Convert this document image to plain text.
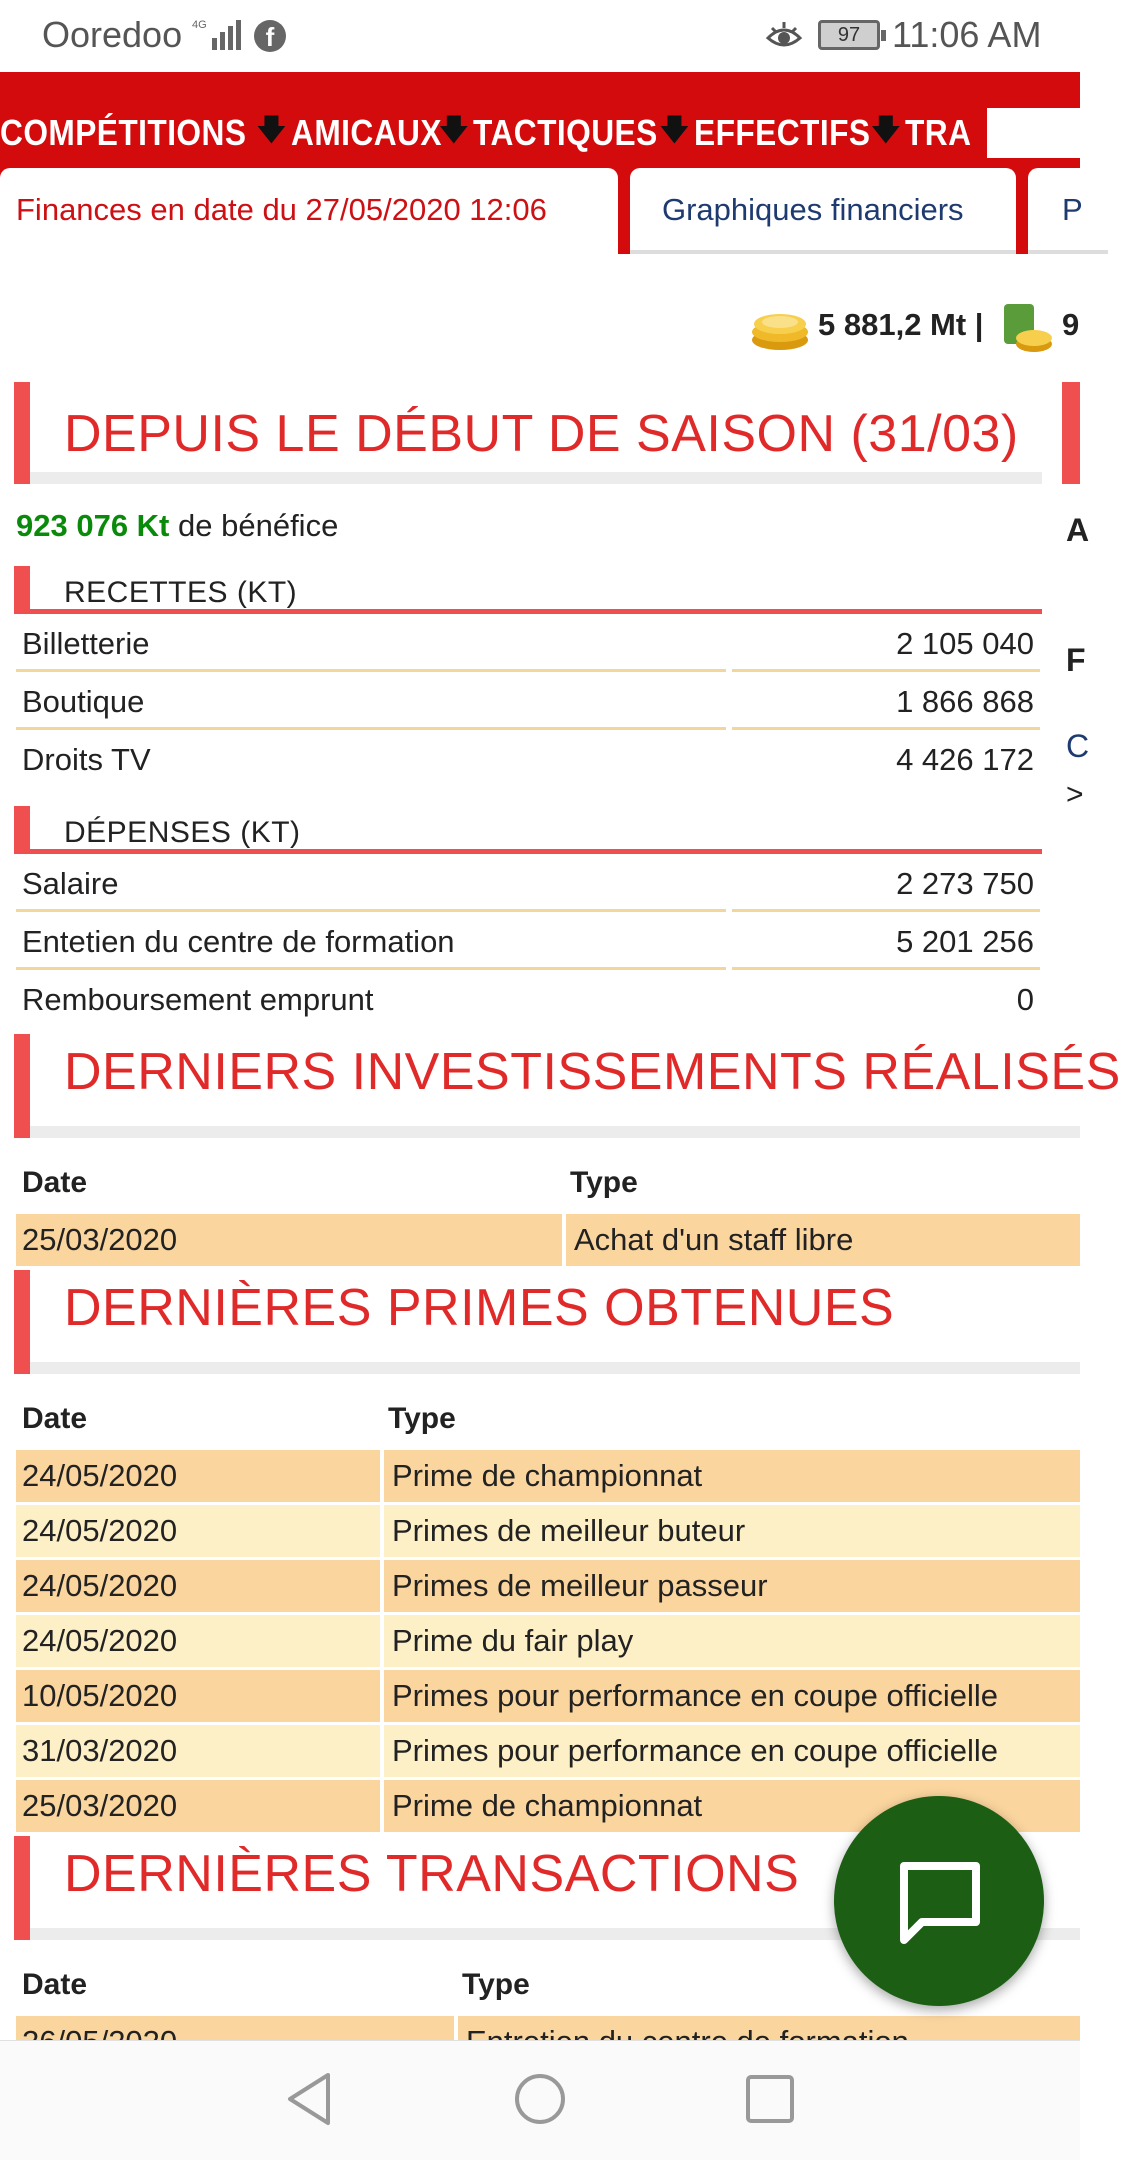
Ooredoo 4G	f	97 11:06 AM
COMPÉTITIONS 🡇 AMICAUX
🡇 TACTIQUES 🡇 EFFECTIFS 🡇 TRA
Finances en date du 27/05/2020 12:06	Graphiques financiers	P
5 881,2 Mt |	9
A
F
C
>
DEPUIS LE DÉBUT DE SAISON (31/03)
923 076 Kt de bénéfice
RECETTES (KT)
Billetterie	2 105 040
Boutique	1 866 868
Droits TV	4 426 172
DÉPENSES (KT)
Salaire	2 273 750
Entetien du centre de formation	5 201 256
Remboursement emprunt	0
DERNIERS INVESTISSEMENTS RÉALISÉS
Date	Type
25/03/2020	Achat d'un staff libre
DERNIÈRES PRIMES OBTENUES
Date	Type
24/05/2020	Prime de championnat
24/05/2020	Primes de meilleur buteur
24/05/2020	Primes de meilleur passeur
24/05/2020	Prime du fair play
10/05/2020	Primes pour performance en coupe officielle
31/03/2020	Primes pour performance en coupe officielle
25/03/2020	Prime de championnat
DERNIÈRES TRANSACTIONS
Date	Type
